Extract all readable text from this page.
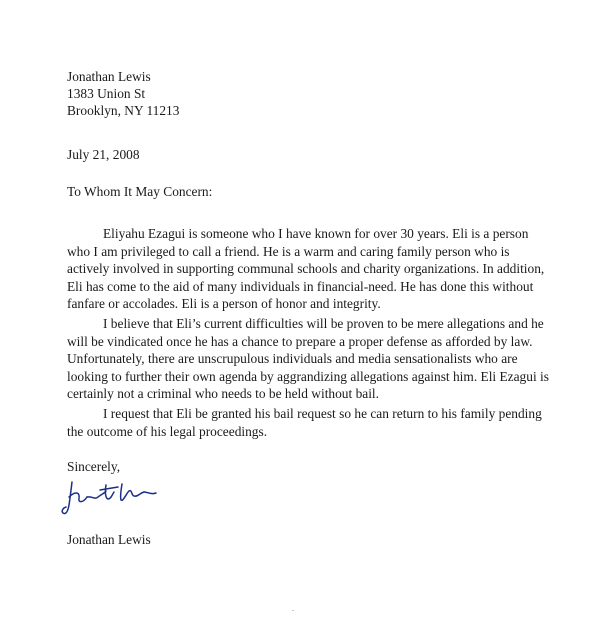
Jonathan Lewis
1383 Union St
Brooklyn, NY 11213
July 21, 2008
To Whom It May Concern:
Eliyahu Ezagui is someone who I have known for over 30 years. Eli is a person
who I am privileged to call a friend. He is a warm and caring family person who is
actively involved in supporting communal schools and charity organizations. In addition,
Eli has come to the aid of many individuals in financial-need. He has done this without
fanfare or accolades. Eli is a person of honor and integrity.
I believe that Eli’s current difficulties will be proven to be mere allegations and he
will be vindicated once he has a chance to prepare a proper defense as afforded by law.
Unfortunately, there are unscrupulous individuals and media sensationalists who are
looking to further their own agenda by aggrandizing allegations against him. Eli Ezagui is
certainly not a criminal who needs to be held without bail.
I request that Eli be granted his bail request so he can return to his family pending
the outcome of his legal proceedings.
Sincerely,
Jonathan Lewis
